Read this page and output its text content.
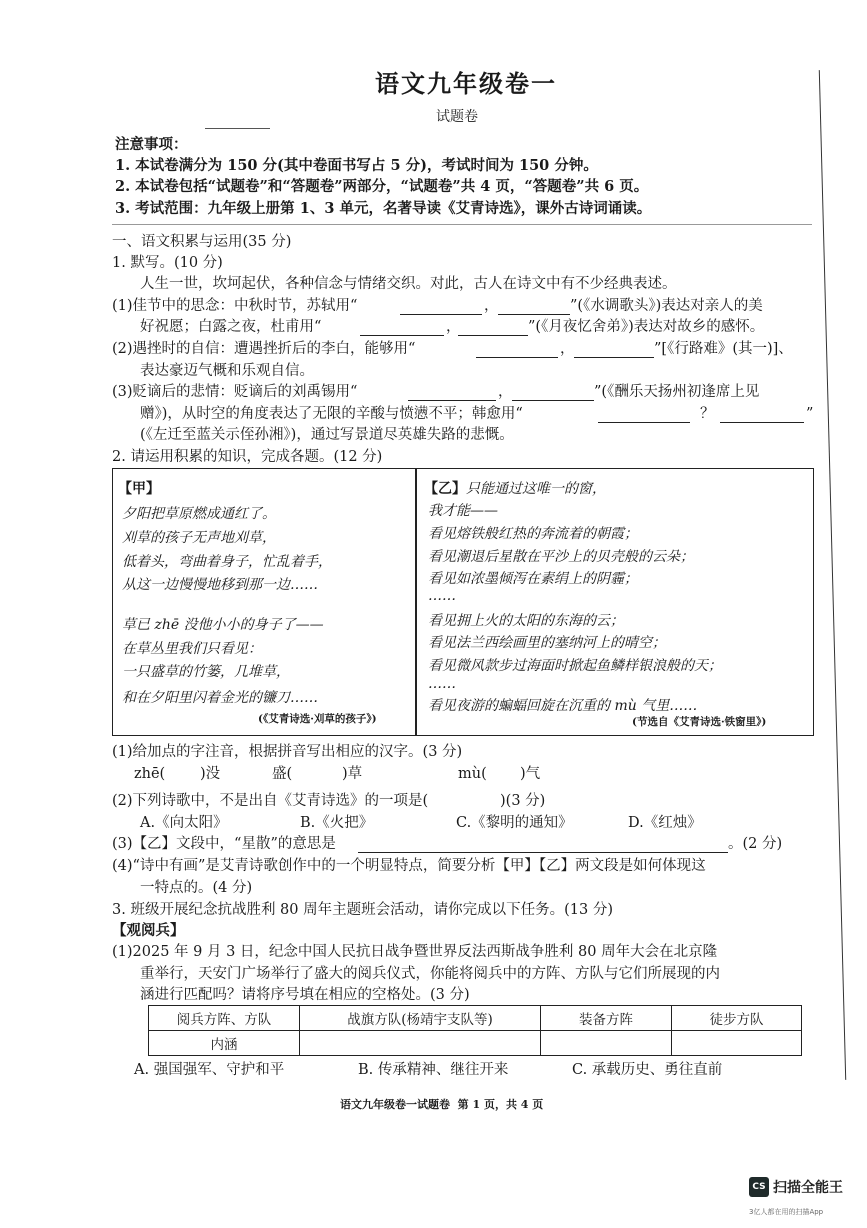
语文九年级卷一
试题卷
注意事项：
1. 本试卷满分为 150 分(其中卷面书写占 5 分)，考试时间为 150 分钟。
2. 本试卷包括“试题卷”和“答题卷”两部分，“试题卷”共 4 页，“答题卷”共 6 页。
3. 考试范围：九年级上册第 1、3 单元，名著导读《艾青诗选》，课外古诗词诵读。
一、语文积累与运用(35 分)
1. 默写。(10 分)
人生一世，坎坷起伏，各种信念与情绪交织。对此，古人在诗文中有不少经典表述。
(1)佳节中的思念：中秋时节，苏轼用“	，	”(《水调歌头》)表达对亲人的美
好祝愿；白露之夜，杜甫用“	，	”(《月夜忆舍弟》)表达对故乡的感怀。
(2)遇挫时的自信：遭遇挫折后的李白，能够用“	，	”[《行路难》(其一)]、
表达豪迈气概和乐观自信。
(3)贬谪后的悲情：贬谪后的刘禹锡用“	，	”(《酬乐天扬州初逢席上见
赠》)，从时空的角度表达了无限的辛酸与愤懑不平；韩愈用“	？	”
(《左迁至蓝关示侄孙湘》)，通过写景道尽英雄失路的悲慨。
2. 请运用积累的知识，完成各题。(12 分)
【甲】
夕阳把草原燃成通红了。
刈草的孩子无声地刈草，
低着头，弯曲着身子，忙乱着手，
从这一边慢慢地移到那一边……
草已 zhē 没他小小的身子了——
在草丛里我们只看见：
一只盛草的竹篓，几堆草，
和在夕阳里闪着金光的镰刀……
(《艾青诗选·刈草的孩子》)
【乙】 只能通过这唯一的窗，
我才能——
看见熔铁般红热的奔流着的朝霞；
看见潮退后星散在平沙上的贝壳般的云朵；
看见如浓墨倾泻在素绢上的阴霾；
……
看见拥上火的太阳的东海的云；
看见法兰西绘画里的塞纳河上的晴空；
看见微风款步过海面时掀起鱼鳞样银浪般的天；
……
看见夜游的蝙蝠回旋在沉重的 mù 气里……
(节选自《艾青诗选·铁窗里》)
(1)给加点的字注音，根据拼音写出相应的汉字。(3 分)
zhē( )没	盛(	)草	mù( )气
(2)下列诗歌中，不是出自《艾青诗选》的一项是(	)(3 分)
A.《向太阳》	B.《火把》	C.《黎明的通知》	D.《红烛》
(3)【乙】文段中，“星散”的意思是	。(2 分)
(4)“诗中有画”是艾青诗歌创作中的一个明显特点，简要分析【甲】【乙】两文段是如何体现这
一特点的。(4 分)
3. 班级开展纪念抗战胜利 80 周年主题班会活动，请你完成以下任务。(13 分)
【观阅兵】
(1)2025 年 9 月 3 日，纪念中国人民抗日战争暨世界反法西斯战争胜利 80 周年大会在北京隆
重举行，天安门广场举行了盛大的阅兵仪式，你能将阅兵中的方阵、方队与它们所展现的内
涵进行匹配吗？请将序号填在相应的空格处。(3 分)
阅兵方阵、方队	战旗方队(杨靖宇支队等)	装备方阵	徒步方队
内涵			
A. 强国强军、守护和平	B. 传承精神、继往开来	C. 承载历史、勇往直前
语文九年级卷一试题卷  第 1 页，共 4 页
CS 扫描全能王
3亿人都在用的扫描App
